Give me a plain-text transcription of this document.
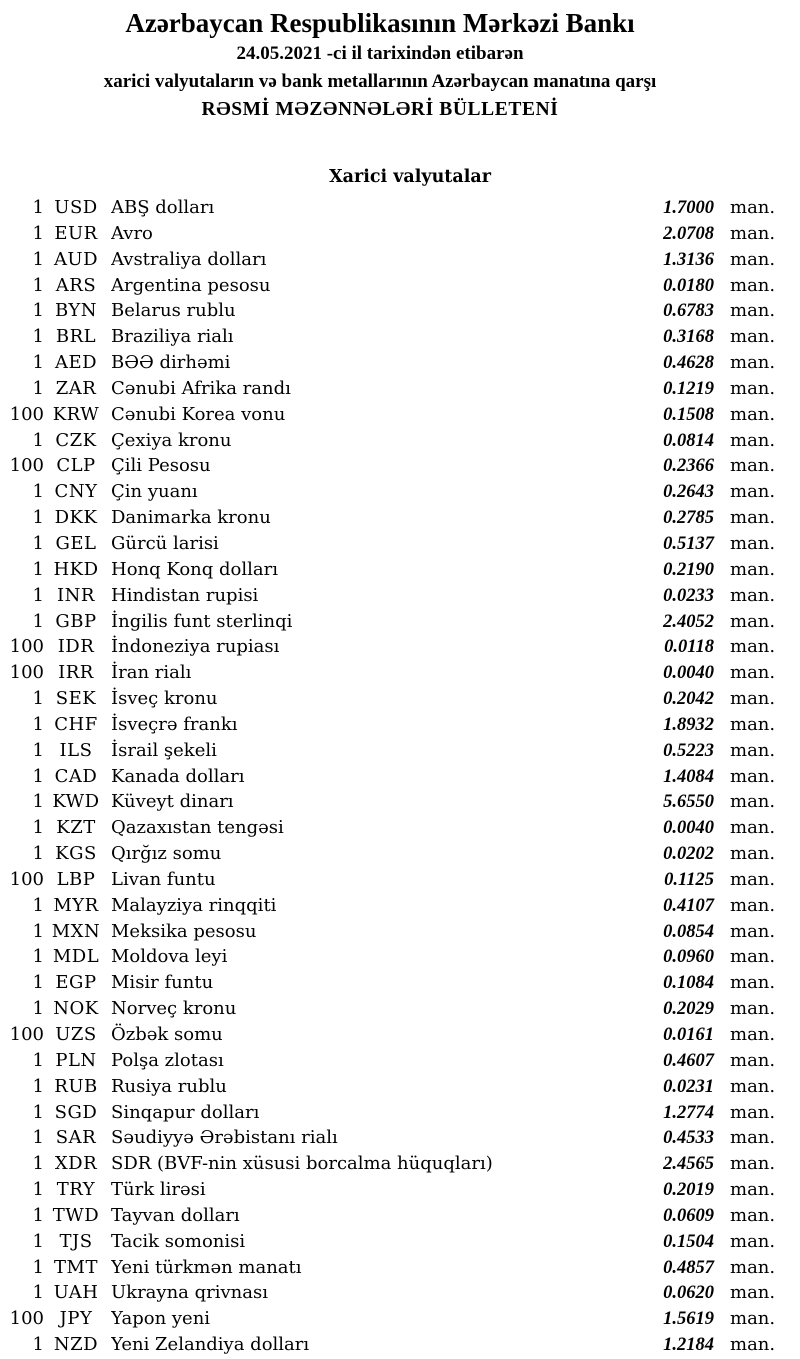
Azərbaycan Respublikasının Mərkəzi Bankı
24.05.2021 -ci il tarixindən etibarən
xarici valyutaların və bank metallarının Azərbaycan manatına qarşı
RƏSMİ MƏZƏNNƏLƏRİ BÜLLETENİ
Xarici valyutalar
1 USD ABŞ dolları	1.7000 man.
1 EUR Avro	2.0708 man.
1 AUD Avstraliya dolları	1.3136 man.
1 ARS Argentina pesosu	0.0180 man.
1 BYN Belarus rublu	0.6783 man.
1 BRL Braziliya rialı	0.3168 man.
1 AED BƏƏ dirhəmi	0.4628 man.
1 ZAR Cənubi Afrika randı	0.1219 man.
100 KRW Cənubi Korea vonu	0.1508 man.
1 CZK Çexiya kronu	0.0814 man.
100 CLP Çili Pesosu	0.2366 man.
1 CNY Çin yuanı	0.2643 man.
1 DKK Danimarka kronu	0.2785 man.
1 GEL Gürcü larisi	0.5137 man.
1 HKD Honq Konq dolları	0.2190 man.
1 INR Hindistan rupisi	0.0233 man.
1 GBP İngilis funt sterlinqi	2.4052 man.
100 IDR İndoneziya rupiası	0.0118 man.
100 IRR İran rialı	0.0040 man.
1 SEK İsveç kronu	0.2042 man.
1 CHF İsveçrə frankı	1.8932 man.
1 ILS	İsrail şekeli	0.5223 man.
1 CAD Kanada dolları	1.4084 man.
1 KWD Küveyt dinarı	5.6550 man.
1 KZT Qazaxıstan tengəsi	0.0040 man.
1 KGS Qırğız somu	0.0202 man.
100 LBP Livan funtu	0.1125 man.
1 MYR Malayziya rinqqiti	0.4107 man.
1 MXN Meksika pesosu	0.0854 man.
1 MDL Moldova leyi	0.0960 man.
1 EGP Misir funtu	0.1084 man.
1 NOK Norveç kronu	0.2029 man.
100 UZS Özbək somu	0.0161 man.
1 PLN Polşa zlotası	0.4607 man.
1 RUB Rusiya rublu	0.0231 man.
1 SGD Sinqapur dolları	1.2774 man.
1 SAR Səudiyyə Ərəbistanı rialı	0.4533 man.
1 XDR SDR (BVF-nin xüsusi borcalma hüquqları)	2.4565 man.
1 TRY Türk lirəsi	0.2019 man.
1 TWD Tayvan dolları	0.0609 man.
1 TJS	Tacik somonisi	0.1504 man.
1 TMT Yeni türkmən manatı	0.4857 man.
1 UAH Ukrayna qrivnası	0.0620 man.
100 JPY	Yapon yeni	1.5619 man.
1 NZD Yeni Zelandiya dolları	1.2184 man.
